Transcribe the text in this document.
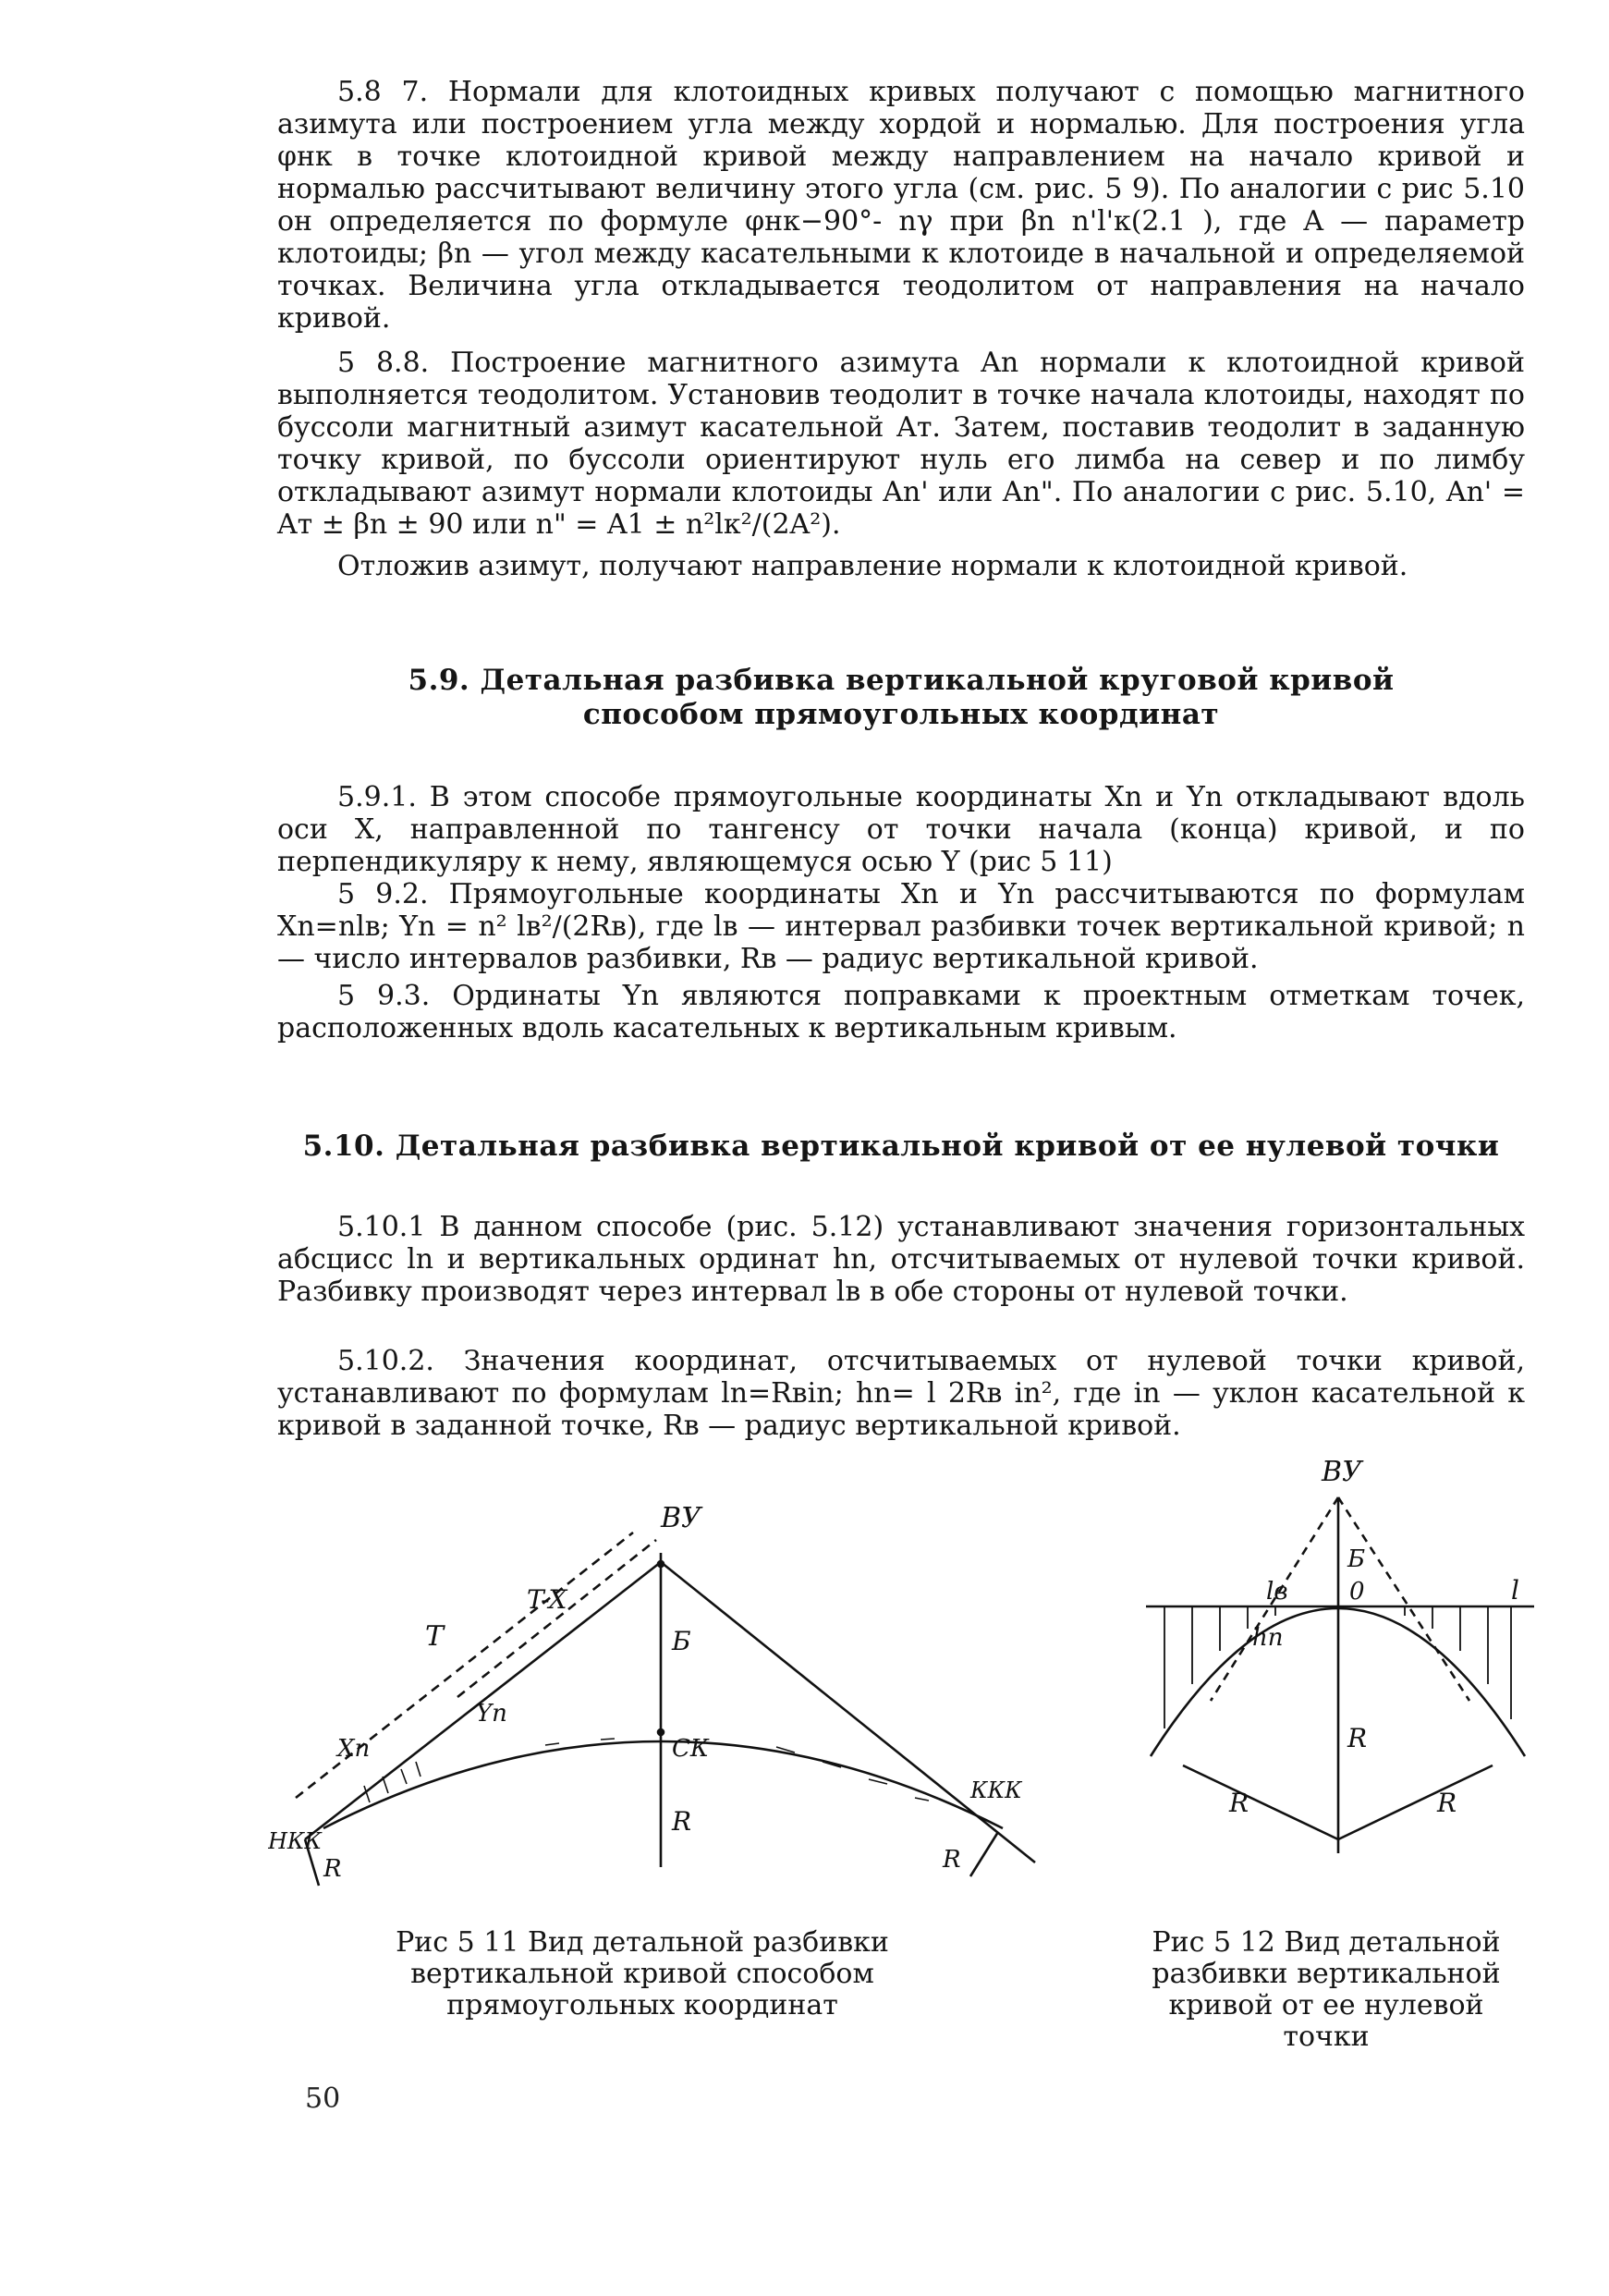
5.8 7. Нормали для клотоидных кривых получают с помощью магнитного азимута или построением угла между хордой и нормалью. Для построения угла φнк в точке клотоидной кривой между направлением на начало кривой и нормалью рассчитывают величину этого угла (см. рис. 5 9). По аналогии с рис 5.10 он определяется по формуле φнк−90°- nγ при βn n'l'к(2.1 ), где A — параметр клотоиды; βn — угол между касательными к клотоиде в начальной и определяемой точках. Величина угла откладывается теодолитом от направления на начало кривой.

5 8.8. Построение магнитного азимута An нормали к клотоидной кривой выполняется теодолитом. Установив теодолит в точке начала клотоиды, находят по буссоли магнитный азимут касательной Aт. Затем, поставив теодолит в заданную точку кривой, по буссоли ориентируют нуль его лимба на север и по лимбу откладывают азимут нормали клотоиды An' или An". По аналогии с рис. 5.10, An' = Aт ± βn ± 90 или n" = A1 ± n²lк²/(2A²).

Отложив азимут, получают направление нормали к клотоидной кривой.

5.9. Детальная разбивка вертикальной круговой кривой способом прямоугольных координат

5.9.1. В этом способе прямоугольные координаты Xn и Yn откладывают вдоль оси X, направленной по тангенсу от точки начала (конца) кривой, и по перпендикуляру к нему, являющемуся осью Y (рис 5 11)

5 9.2. Прямоугольные координаты Xn и Yn рассчитываются по формулам Xn=nlв; Yn = n² lв²/(2Rв), где lв — интервал разбивки точек вертикальной кривой; n — число интервалов разбивки, Rв — радиус вертикальной кривой.

5 9.3. Ординаты Yn являются поправками к проектным отметкам точек, расположенных вдоль касательных к вертикальным кривым.

5.10. Детальная разбивка вертикальной кривой от ее нулевой точки

5.10.1 В данном способе (рис. 5.12) устанавливают значения горизонтальных абсцисс ln и вертикальных ординат hn, отсчитываемых от нулевой точки кривой. Разбивку производят через интервал lв в обе стороны от нулевой точки.

5.10.2. Значения координат, отсчитываемых от нулевой точки кривой, устанавливают по формулам ln=Rвin; hn= l 2Rв in², где in — уклон касательной к кривой в заданной точке, Rв — радиус вертикальной кривой.

ВУ
Б
СК
R
НКК
ККК
R	R
T
T-X
Xn
Yn
ВУ
Б
0
lв	l
hn
R
R
R

Рис 5 11 Вид детальной разбивки вертикальной кривой способом прямоугольных координат

Рис 5 12 Вид детальной разбивки вертикальной кривой от ее нулевой точки

50
